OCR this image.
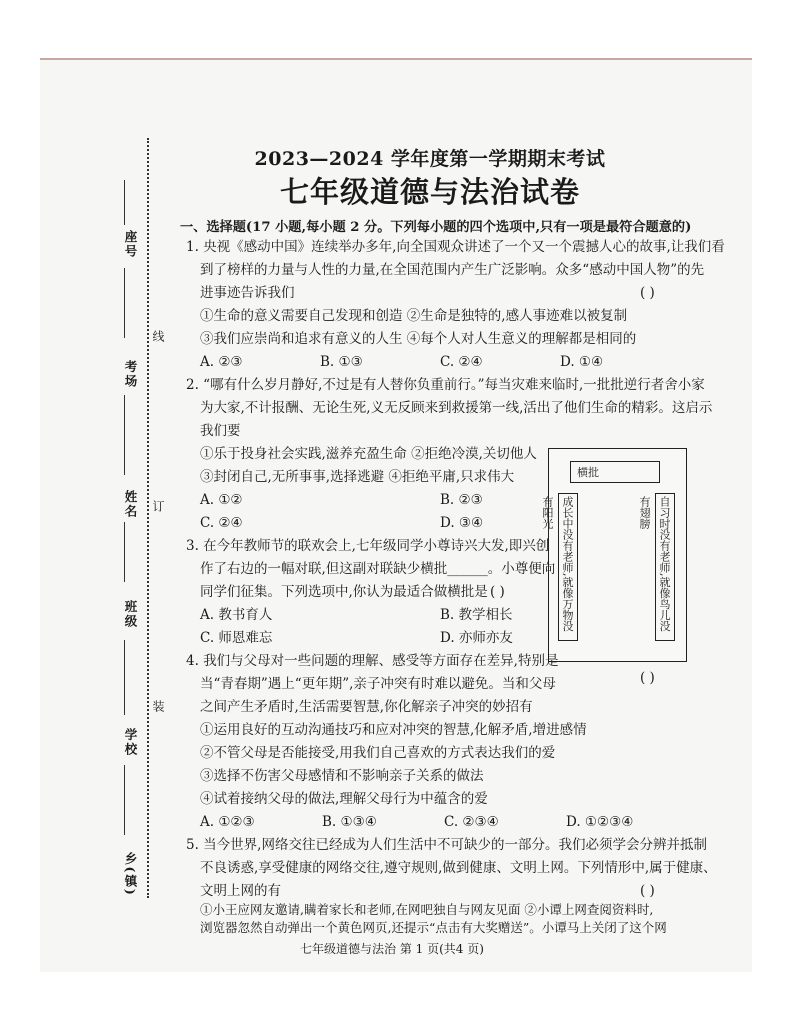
座号
考场
姓名
班级
学校
乡(镇)
线
订
装
2023—2024 学年度第一学期期末考试
七年级道德与法治试卷
一、选择题(17 小题,每小题 2 分。下列每小题的四个选项中,只有一项是最符合题意的)
1. 央视《感动中国》连续举办多年,向全国观众讲述了一个又一个震撼人心的故事,让我们看
到了榜样的力量与人性的力量,在全国范围内产生广泛影响。众多“感动中国人物”的先
进事迹告诉我们	( )
①生命的意义需要自己发现和创造 ②生命是独特的,感人事迹难以被复制
③我们应崇尚和追求有意义的人生 ④每个人对人生意义的理解都是相同的
A. ②③	B. ①③	C. ②④	D. ①④
2. “哪有什么岁月静好,不过是有人替你负重前行。”每当灾难来临时,一批批逆行者舍小家
为大家,不计报酬、无论生死,义无反顾来到救援第一线,活出了他们生命的精彩。这启示
我们要
①乐于投身社会实践,滋养充盈生命 ②拒绝冷漠,关切他人
③封闭自己,无所事事,选择逃避 ④拒绝平庸,只求伟大
A. ①②	B. ②③
C. ②④	D. ③④
横批
成长中没有老师,就像万物没有阳光	自习时没有老师,就像鸟儿没有翅膀
3. 在今年教师节的联欢会上,七年级同学小尊诗兴大发,即兴创
作了右边的一幅对联,但这副对联缺少横批______。小尊便向
同学们征集。下列选项中,你认为最适合做横批是 ( )
A. 教书育人	B. 教学相长
C. 师恩难忘	D. 亦师亦友
4. 我们与父母对一些问题的理解、感受等方面存在差异,特别是
当“青春期”遇上“更年期”,亲子冲突有时难以避免。当和父母
之间产生矛盾时,生活需要智慧,你化解亲子冲突的妙招有
( )
①运用良好的互动沟通技巧和应对冲突的智慧,化解矛盾,增进感情
②不管父母是否能接受,用我们自己喜欢的方式表达我们的爱
③选择不伤害父母感情和不影响亲子关系的做法
④试着接纳父母的做法,理解父母行为中蕴含的爱
A. ①②③	B. ①③④	C. ②③④	D. ①②③④
5. 当今世界,网络交往已经成为人们生活中不可缺少的一部分。我们必须学会分辨并抵制
不良诱惑,享受健康的网络交往,遵守规则,做到健康、文明上网。下列情形中,属于健康、
文明上网的有	( )
①小王应网友邀请,瞒着家长和老师,在网吧独自与网友见面 ②小谭上网查阅资料时,
浏览器忽然自动弹出一个黄色网页,还提示“点击有大奖赠送”。小谭马上关闭了这个网
七年级道德与法治 第 1 页(共4 页)
